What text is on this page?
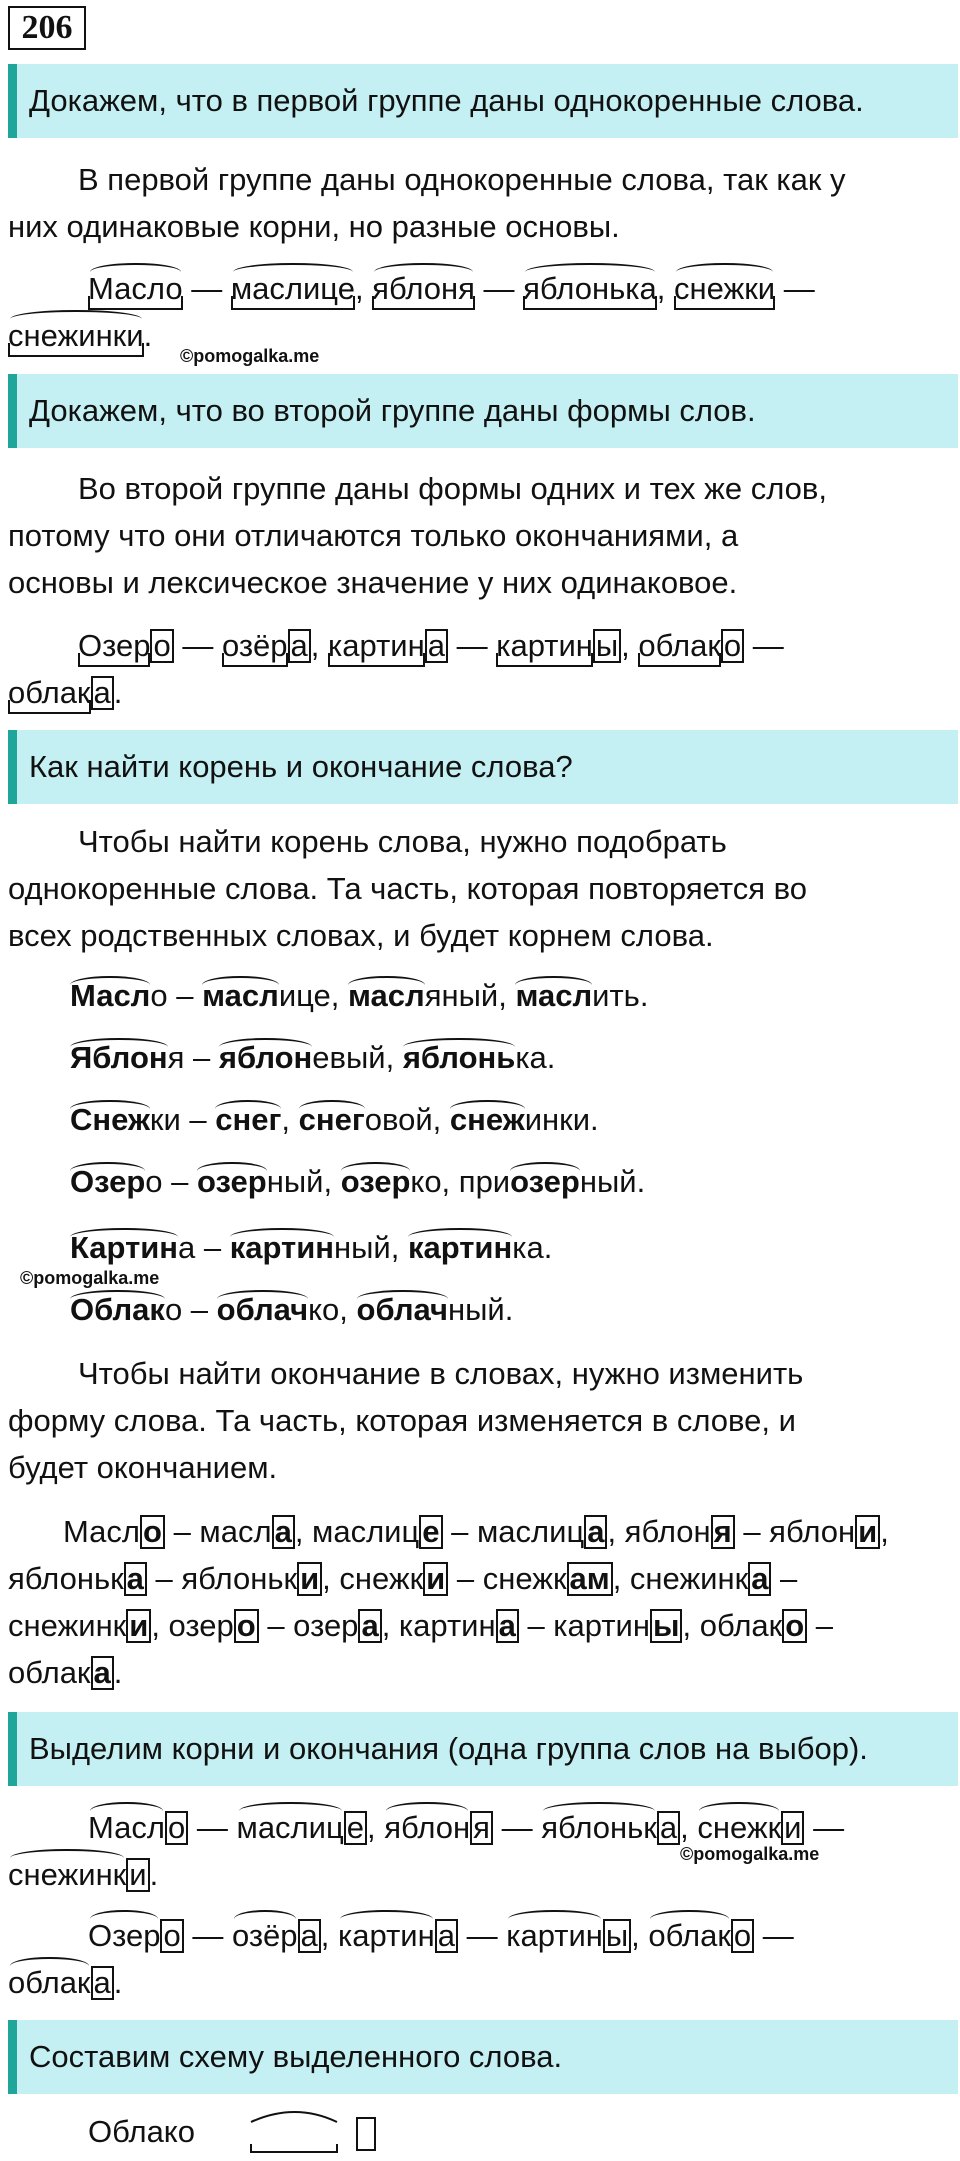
206
Докажем, что в первой группе даны однокоренные слова.
В первой группе даны однокоренные слова, так как у
них одинаковые корни, но разные основы.
Масло — маслице, яблоня — яблонька, снежки —
снежинки.
©pomogalka.me
Докажем, что во второй группе даны формы слов.
Во второй группе даны формы одних и тех же слов,
потому что они отличаются только окончаниями, а
основы и лексическое значение у них одинаковое.
Озеро — озёра, картина — картины, облако —
облака.
Как найти корень и окончание слова?
Чтобы найти корень слова, нужно подобрать
однокоренные слова. Та часть, которая повторяется во
всех родственных словах, и будет корнем слова.
Масло – маслице, масляный, маслить.
Яблоня – яблоневый, яблонька.
Снежки – снег, снеговой, снежинки.
Озеро – озерный, озерко, приозерный.
Картина – картинный, картинка.
©pomogalka.me
Облако – облачко, облачный.
Чтобы найти окончание в словах, нужно изменить
форму слова. Та часть, которая изменяется в слове, и
будет окончанием.
Масло – масла, маслице – маслица, яблоня – яблони,
яблонька – яблоньки, снежки – снежкам, снежинка –
снежинки, озеро – озера, картина – картины, облако –
облака.
Выделим корни и окончания (одна группа слов на выбор).
Масло — маслице, яблоня — яблонька, снежки —
©pomogalka.me
снежинки.
Озеро — озёра, картина — картины, облако —
облака.
Составим схему выделенного слова.
Облако
